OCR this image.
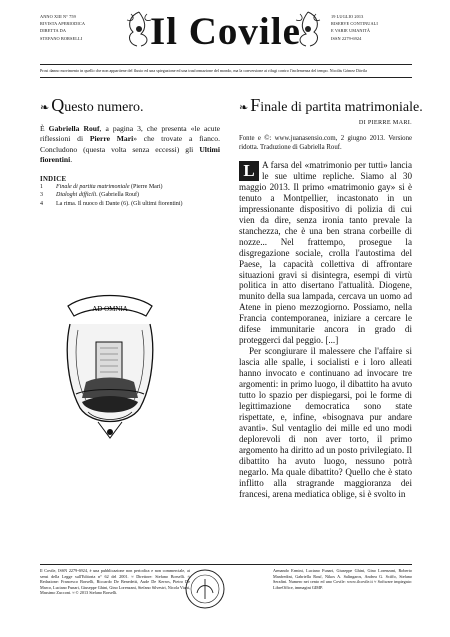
ANNO XIII N° 759
RIVISTA APERIODICA
DIRETTA DA
STEFANO BORSELLI Il Covile	19 LUGLIO 2013
RISERVE CONTINUALI
E VARIE UMANITÀ
ISSN 2279-6924
Prosi danno movimento in quello che non appartiene del fluxio ed una spiegazione ed una trasformazione del mondo, ma la conversione ai rifugi contro l'inclemenza del tempo. Nicolás Gómez Dávila
❧ Questo numero.
È Gabriella Rouf, a pagina 3, che presenta «le acute riflessioni di Pierre Mari» che trovate a fianco. Concludono (questa volta senza eccessi) gli Ultimi fiorentini.
INDICE
1	Finale di partita matrimoniale (Pierre Mari)
3	Dialoghi difficili. (Gabriella Rouf)
4	La rima. Il nuoco di Dante (6). (Gli ultimi fiorentini)
AD OMNIA
❧ Finale di partita matrimoniale.
DI PIERRE MARI.
Fonte e ©: www.juanasensio.com, 2 giugno 2013. Versione ridotta. Traduzione di Gabriella Rouf.
L A farsa del «matrimonio per tutti» lancia le sue ultime repliche. Siamo al 30 maggio 2013. Il primo «matrimonio gay» si è tenuto a Montpellier, incastonato in un impressionante dispositivo di polizia di cui vien da dire, senza ironia tanto prevale la stanchezza, che è una ben strana corbeille di nozze... Nel frattempo, prosegue la disgregazione sociale, crolla l'autostima del Paese, la capacità collettiva di affrontare situazioni gravi si disintegra, esempi di virtù politica in atto disertano l'attualità. Diogene, munito della sua lampada, cercava un uomo ad Atene in pieno mezzogiorno. Possiamo, nella Francia contemporanea, iniziare a cercare le difese immunitarie ancora in grado di proteggerci dal peggio. [...]
Per scongiurare il malessere che l'affaire si lascia alle spalle, i socialisti e i loro alleati hanno invocato e continuano ad invocare tre argomenti: in primo luogo, il dibattito ha avuto tutto lo spazio per dispiegarsi, poi le forme di legittimazione democratica sono state rispettate, e, infine, «bisognava pur andare avanti». Sul ventaglio dei mille ed uno modi deplorevoli di non aver torto, il primo argomento ha diritto ad un posto privilegiato. Il dibattito ha avuto luogo, nessuno potrà negarlo. Ma quale dibattito? Quello che è stato inflitto alla stragrande maggioranza dei francesi, arena mediatica oblige, si è svolto in
Il Covile, ISSN 2279-6924, è una pubblicazione non periodica e non commerciale, ai sensi della Legge sull'Editoria n° 62 del 2001. ≈ Direttore: Stefano Borselli. ≈ Redazione: Francesco Borselli, Riccardo De Benedetti, Aude De Kerros, Pietro De Marco, Luciano Funari, Giuseppe Ghini, Gino Lorenzani, Stefano Silvestri, Nicola Viani, Massimo Zucconi. ≈ © 2013 Stefano Borselli.
Armando Ermini, Luciano Funari, Giuseppe Ghini, Gino Lorenzani, Roberto Manfredini, Gabriella Rouf, Nikos A. Salingaros, Andrea G. Sciffo, Stefano Serafini. Numero nei cento ed uno Covile: www.ilcovile.it ≈ Software impiegato: LibreOffice, immagini GIMP.
